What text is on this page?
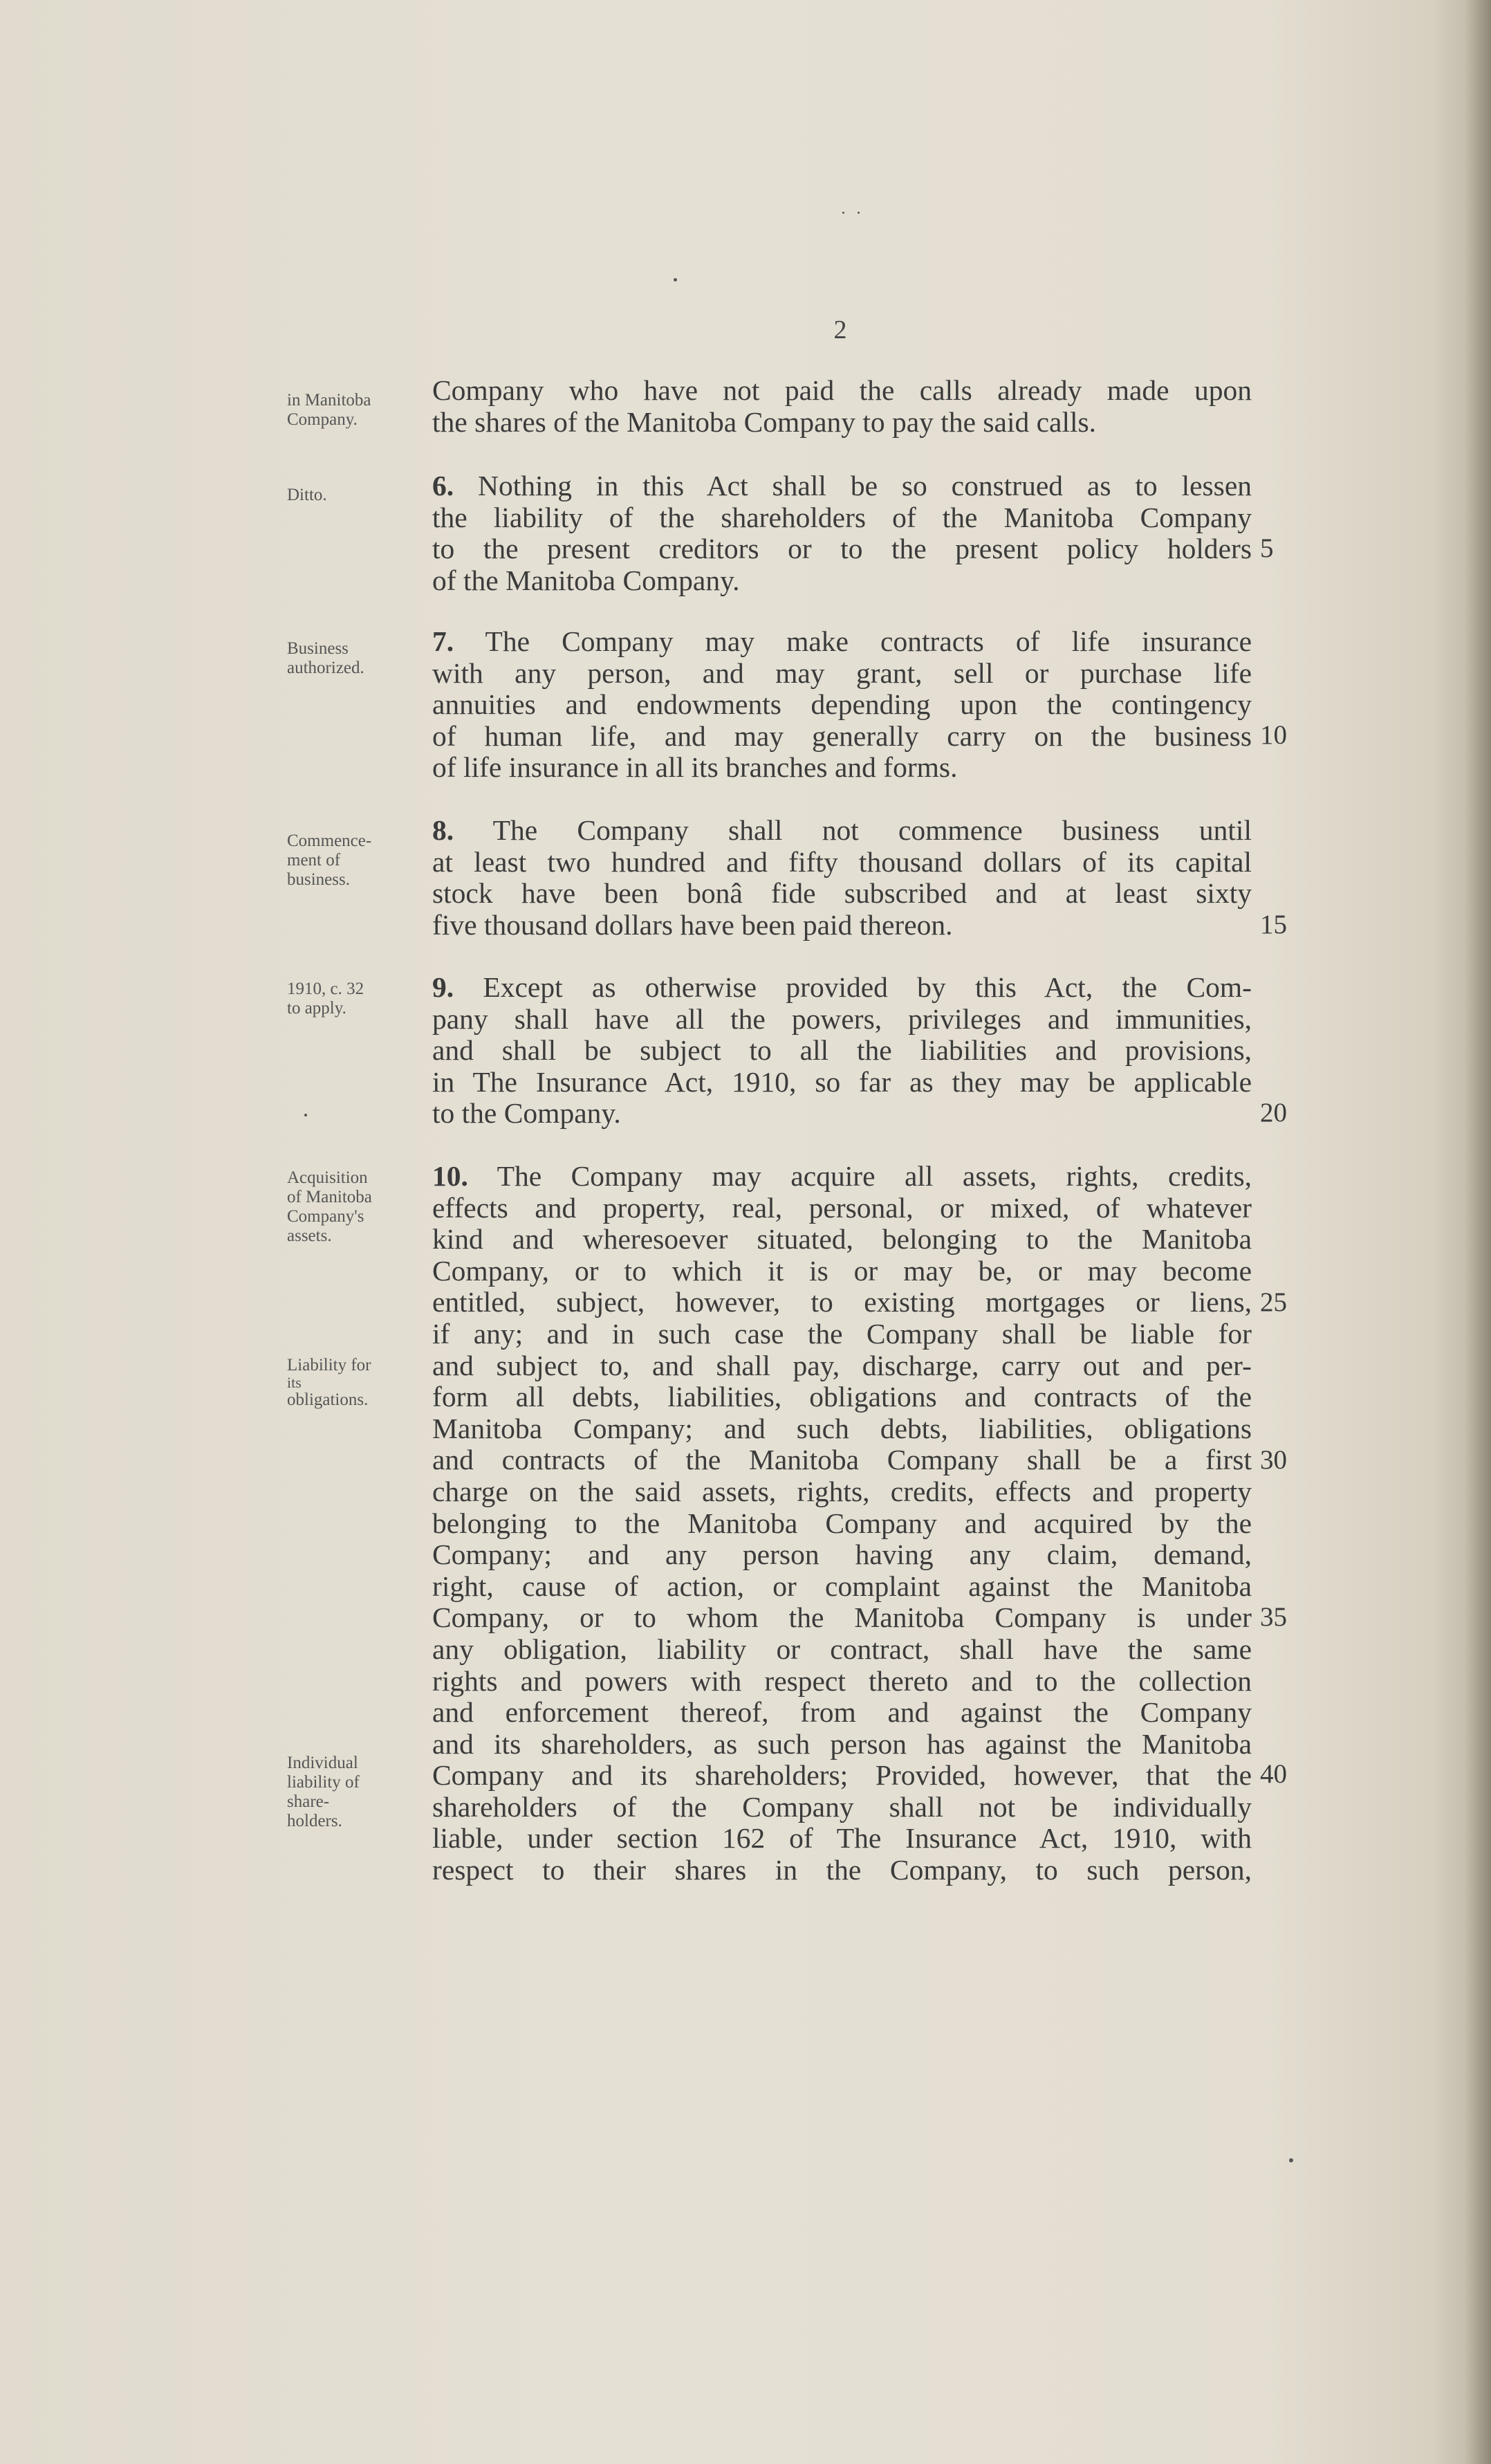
2
in Manitoba
Company.
Ditto.
Business
authorized.
Commence-
ment of
business.
1910, c. 32
to apply.
Acquisition
of Manitoba
Company's
assets.
Liability for
its
obligations.
Individual
liability of
share-
holders.
Company who have not paid the calls already made upon
the shares of the Manitoba Company to pay the said calls.
6. Nothing in this Act shall be so construed as to lessen
the liability of the shareholders of the Manitoba Company
to the present creditors or to the present policy holders
of the Manitoba Company.
7. The Company may make contracts of life insurance
with any person, and may grant, sell or purchase life
annuities and endowments depending upon the contingency
of human life, and may generally carry on the business
of life insurance in all its branches and forms.
8. The Company shall not commence business until
at least two hundred and fifty thousand dollars of its capital
stock have been bonâ fide subscribed and at least sixty
five thousand dollars have been paid thereon.
9. Except as otherwise provided by this Act, the Com-
pany shall have all the powers, privileges and immunities,
and shall be subject to all the liabilities and provisions,
in The Insurance Act, 1910, so far as they may be applicable
to the Company.
10. The Company may acquire all assets, rights, credits,
effects and property, real, personal, or mixed, of whatever
kind and wheresoever situated, belonging to the Manitoba
Company, or to which it is or may be, or may become
entitled, subject, however, to existing mortgages or liens,
if any; and in such case the Company shall be liable for
and subject to, and shall pay, discharge, carry out and per-
form all debts, liabilities, obligations and contracts of the
Manitoba Company; and such debts, liabilities, obligations
and contracts of the Manitoba Company shall be a first
charge on the said assets, rights, credits, effects and property
belonging to the Manitoba Company and acquired by the
Company; and any person having any claim, demand,
right, cause of action, or complaint against the Manitoba
Company, or to whom the Manitoba Company is under
any obligation, liability or contract, shall have the same
rights and powers with respect thereto and to the collection
and enforcement thereof, from and against the Company
and its shareholders, as such person has against the Manitoba
Company and its shareholders; Provided, however, that the
shareholders of the Company shall not be individually
liable, under section 162 of The Insurance Act, 1910, with
respect to their shares in the Company, to such person,
5
10
15
20
25
30
35
40
